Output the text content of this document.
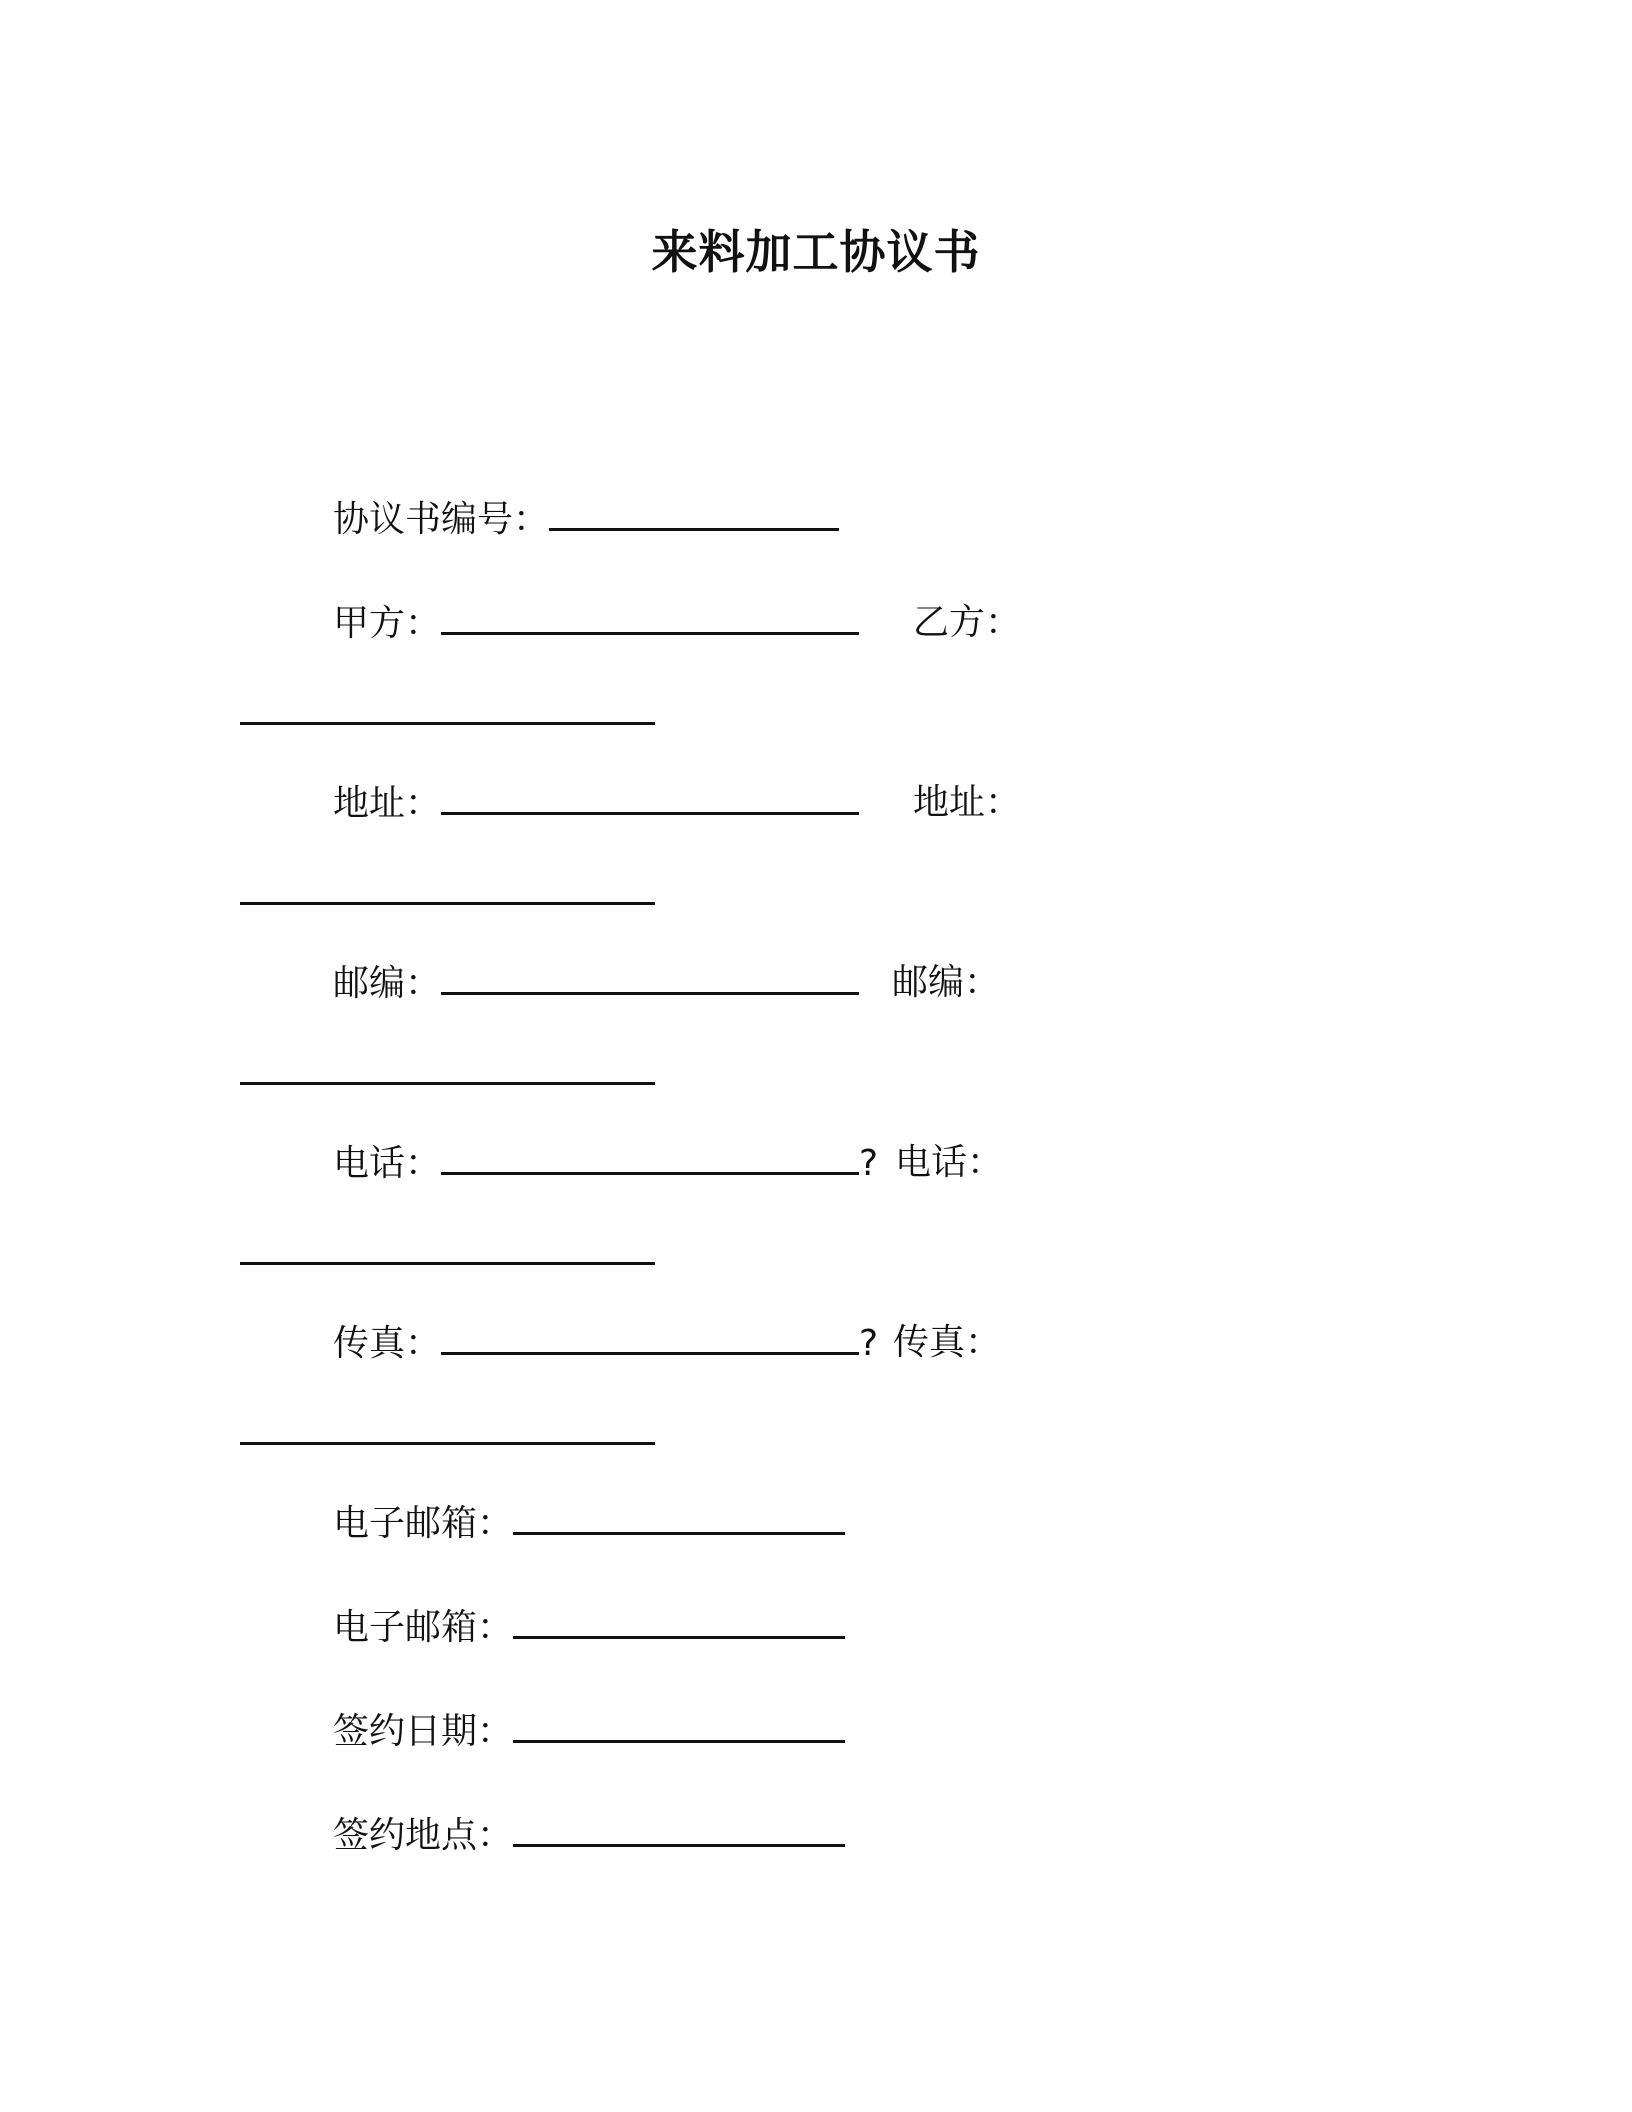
来料加工协议书
协议书编号：
甲方：	乙方：
地址：	地址：
邮编：	邮编：
电话：	? 电话：
传真：	? 传真：
电子邮箱：
电子邮箱：
签约日期：
签约地点：
